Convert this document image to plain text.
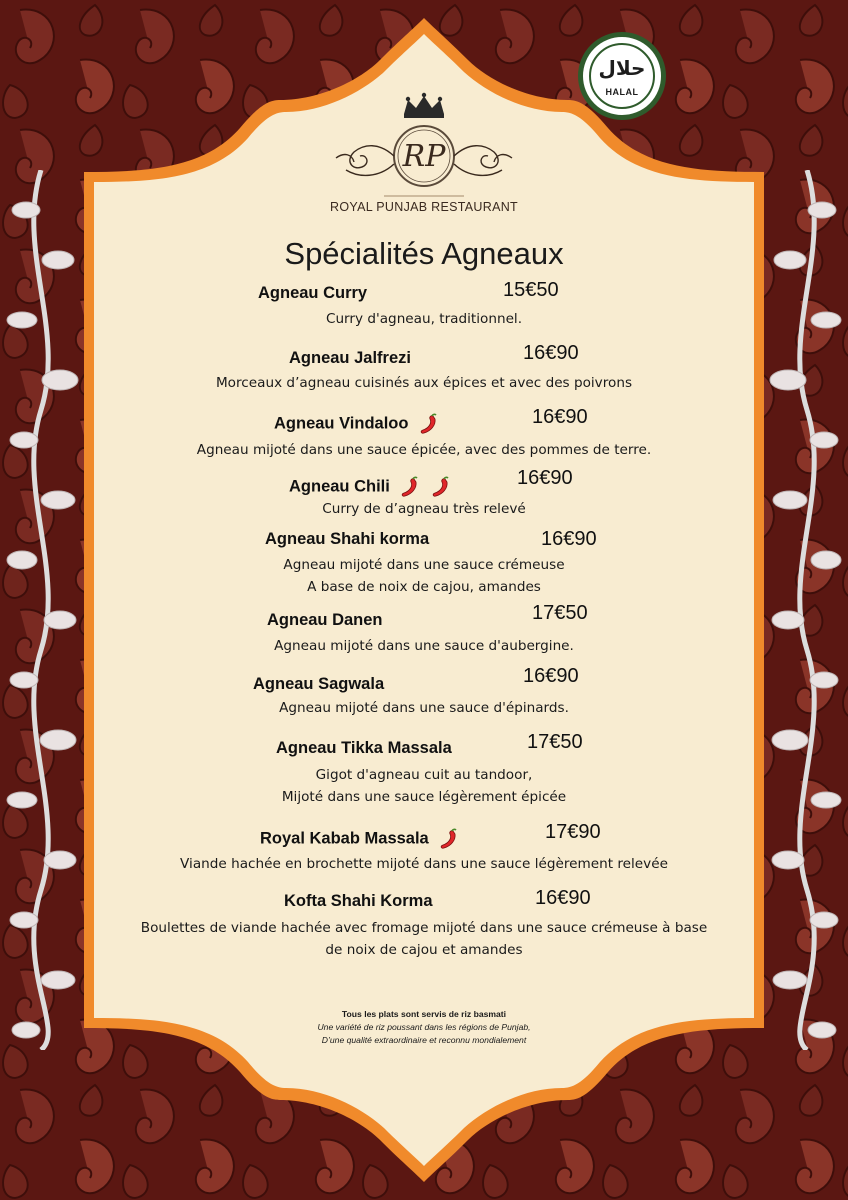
حلال
HALAL
RP
ROYAL PUNJAB RESTAURANT
Spécialités Agneaux
Agneau Curry	15€50
Curry d'agneau, traditionnel.
Agneau Jalfrezi	16€90
Morceaux d’agneau cuisinés aux épices et avec des poivrons
Agneau Vindaloo	16€90
Agneau mijoté dans une sauce épicée, avec des pommes de terre.
Agneau Chili	16€90
Curry de d’agneau très relevé
Agneau Shahi korma	16€90
Agneau mijoté dans une sauce crémeuse
A base de noix de cajou, amandes
Agneau Danen	17€50
Agneau mijoté dans une sauce d'aubergine.
Agneau Sagwala	16€90
Agneau mijoté dans une sauce d'épinards.
Agneau Tikka Massala	17€50
Gigot d'agneau cuit au tandoor,
Mijoté dans une sauce légèrement épicée
Royal Kabab Massala	17€90
Viande hachée en brochette mijoté dans une sauce légèrement relevée
Kofta Shahi Korma	16€90
Boulettes de viande hachée avec fromage mijoté dans une sauce crémeuse à base
de noix de cajou et amandes
Tous les plats sont servis de riz basmati
Une variété de riz poussant dans les régions de Punjab,
D’une qualité extraordinaire et reconnu mondialement
